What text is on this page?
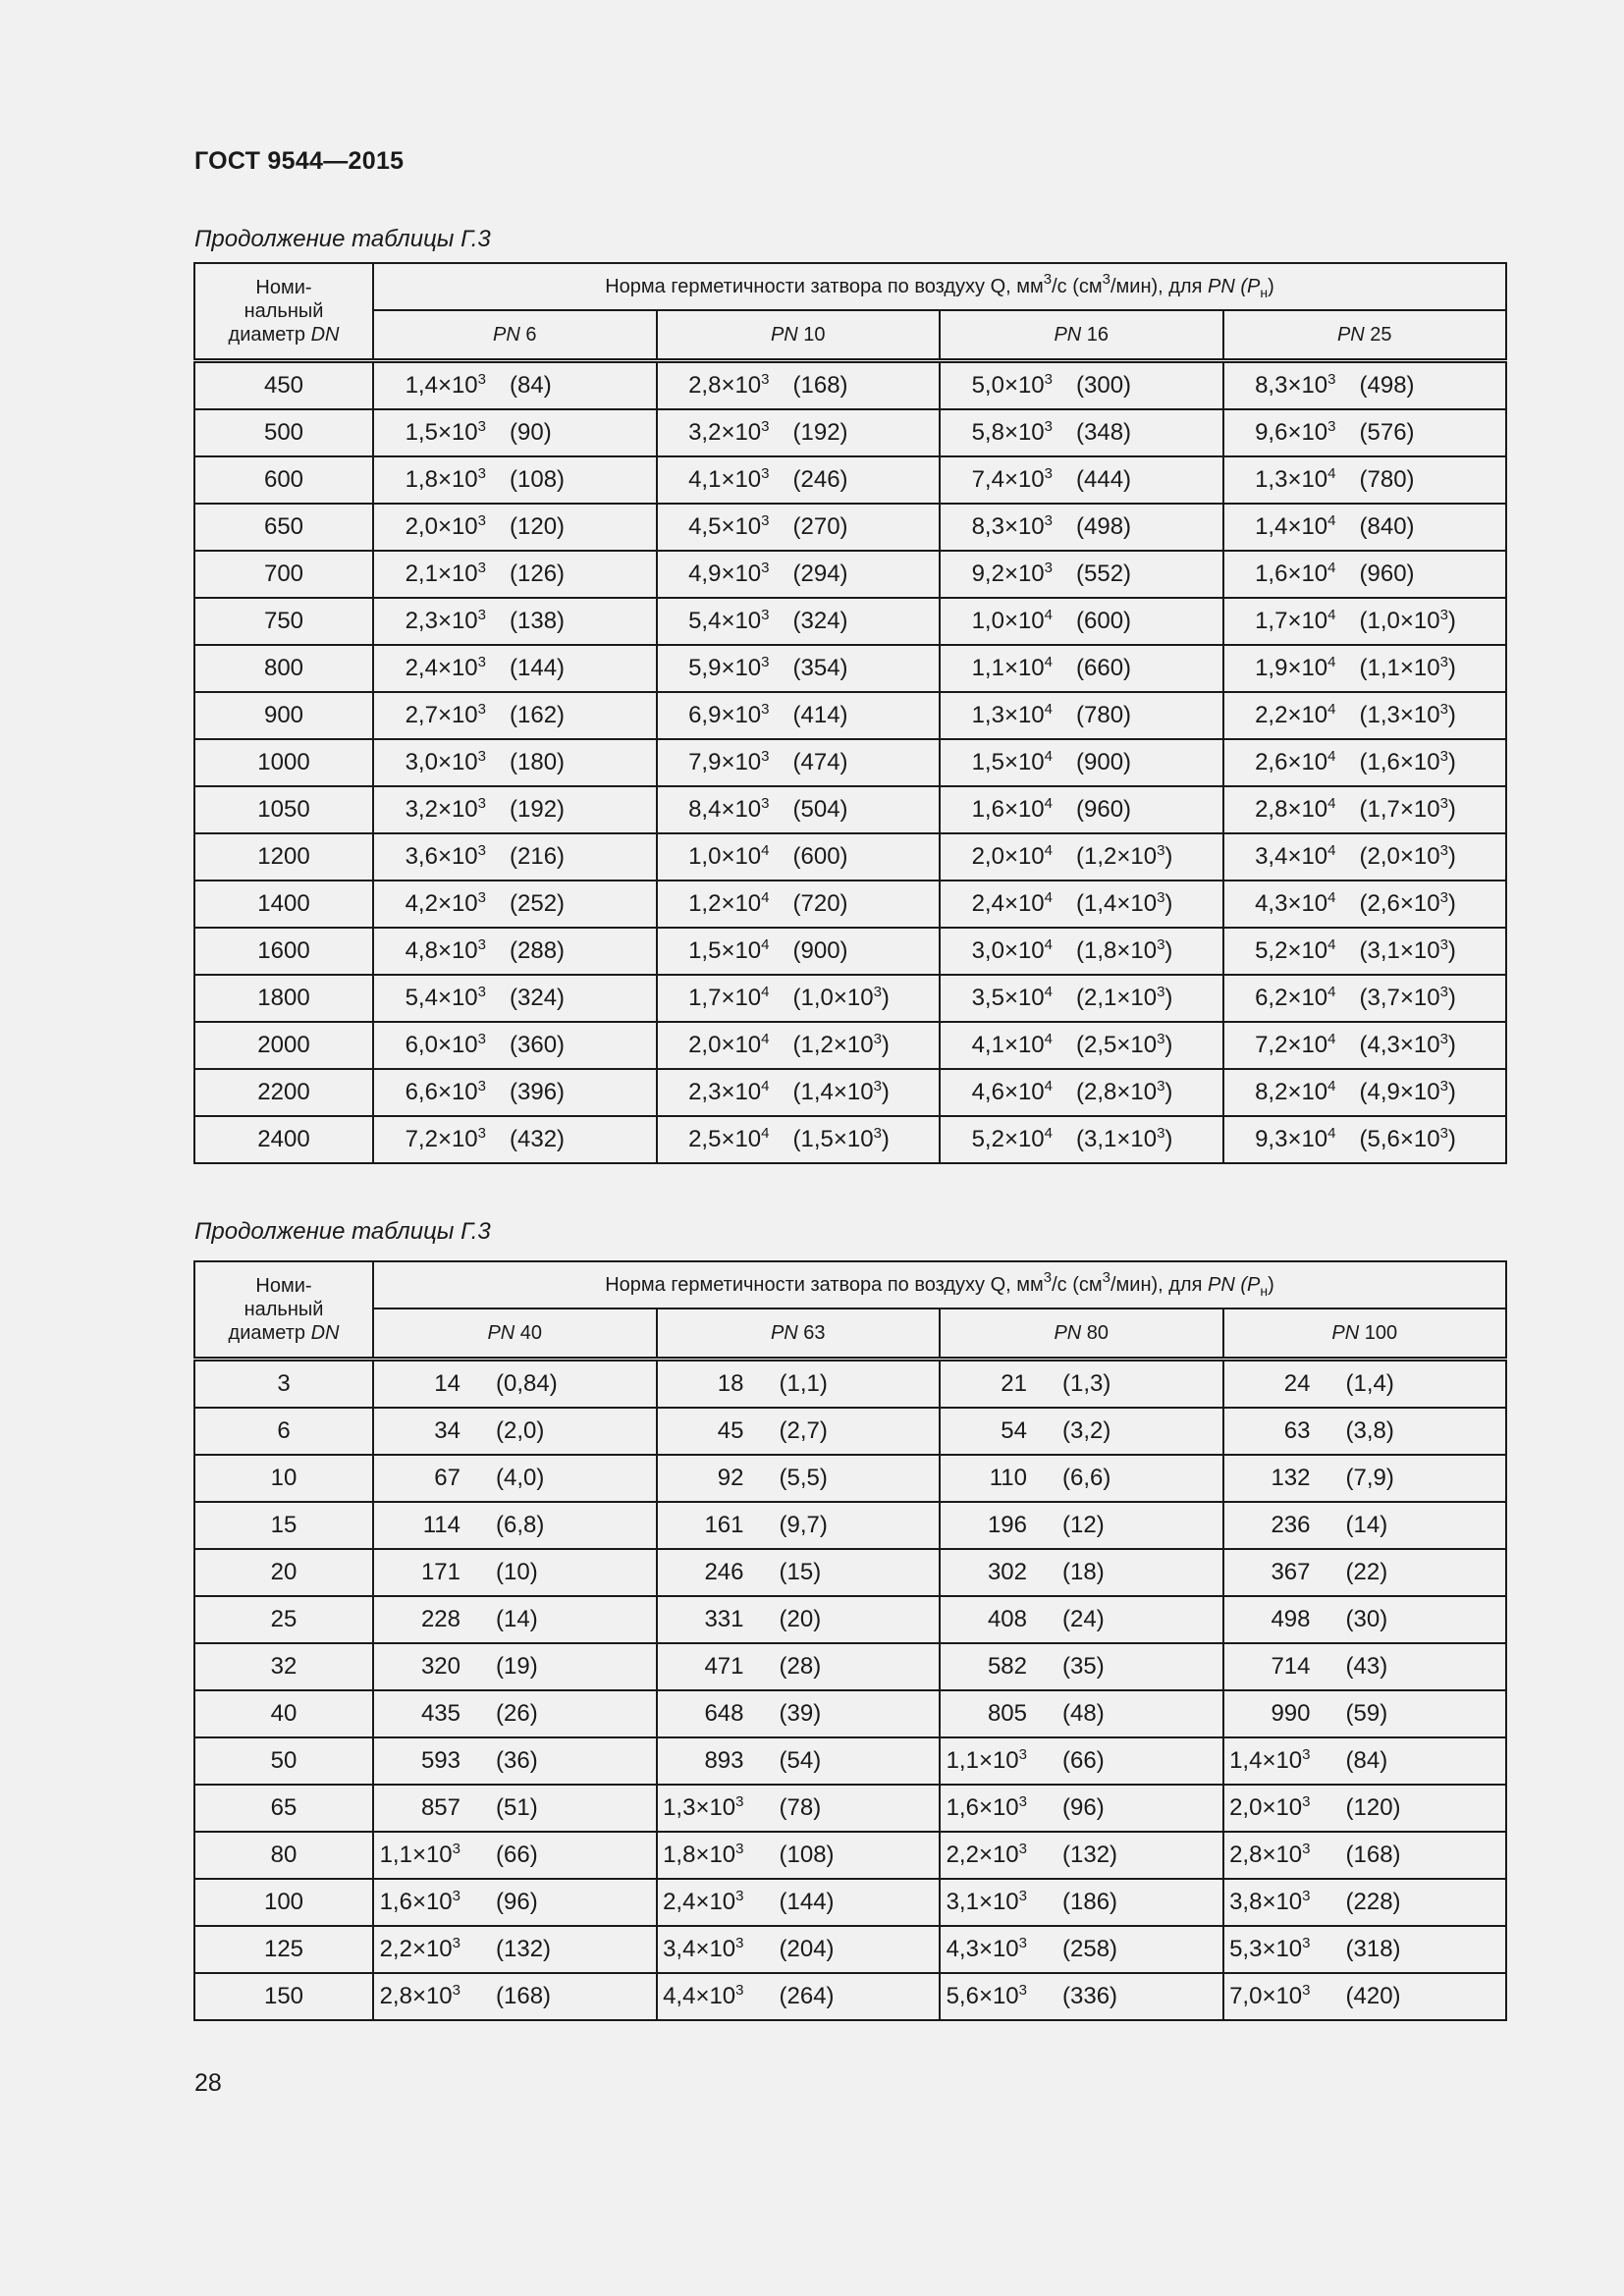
ГОСТ 9544—2015
Продолжение таблицы Г.3
Номи-
нальный
диаметр DN	Норма герметичности затвора по воздуху Q, $мм^3/с$ $(см^3/мин)$, для PN $(P_н)$			
	PN 6	PN 10	PN 16	PN 25
450	$1,4\times 10^3$ (84)	$2,8\times 10^3$ (168)	$5,0\times 10^3$ (300)	$8,3\times 10^3$ (498)

500	$1,5\times 10^3$ (90)	$3,2\times 10^3$ (192)	$5,8\times 10^3$ (348)	$9,6\times 10^3$ (576)

600	$1,8\times 10^3$ (108)	$4,1\times 10^3$ (246)	$7,4\times 10^3$ (444)	$1,3\times 10^4$ (780)

650	$2,0\times 10^3$ (120)	$4,5\times 10^3$ (270)	$8,3\times 10^3$ (498)	$1,4\times 10^4$ (840)

700	$2,1\times 10^3$ (126)	$4,9\times 10^3$ (294)	$9,2\times 10^3$ (552)	$1,6\times 10^4$ (960)

750	$2,3\times 10^3$ (138)	$5,4\times 10^3$ (324)	$1,0\times 10^4$ (600)	$1,7\times 10^4$ $(1,0\times 10^3)$

800	$2,4\times 10^3$ (144)	$5,9\times 10^3$ (354)	$1,1\times 10^4$ (660)	$1,9\times 10^4$ $(1,1\times 10^3)$

900	$2,7\times 10^3$ (162)	$6,9\times 10^3$ (414)	$1,3\times 10^4$ (780)	$2,2\times 10^4$ $(1,3\times 10^3)$

1000	$3,0\times 10^3$ (180)	$7,9\times 10^3$ (474)	$1,5\times 10^4$ (900)	$2,6\times 10^4$ $(1,6\times 10^3)$

1050	$3,2\times 10^3$ (192)	$8,4\times 10^3$ (504)	$1,6\times 10^4$ (960)	$2,8\times 10^4$ $(1,7\times 10^3)$

1200	$3,6\times 10^3$ (216)	$1,0\times 10^4$ (600)	$2,0\times 10^4$ $(1,2\times 10^3)$	$3,4\times 10^4$ $(2,0\times 10^3)$

1400	$4,2\times 10^3$ (252)	$1,2\times 10^4$ (720)	$2,4\times 10^4$ $(1,4\times 10^3)$	$4,3\times 10^4$ $(2,6\times 10^3)$

1600	$4,8\times 10^3$ (288)	$1,5\times 10^4$ (900)	$3,0\times 10^4$ $(1,8\times 10^3)$	$5,2\times 10^4$ $(3,1\times 10^3)$

1800	$5,4\times 10^3$ (324)	$1,7\times 10^4$ $(1,0\times 10^3)$	$3,5\times 10^4$ $(2,1\times 10^3)$	$6,2\times 10^4$ $(3,7\times 10^3)$

2000	$6,0\times 10^3$ (360)	$2,0\times 10^4$ $(1,2\times 10^3)$	$4,1\times 10^4$ $(2,5\times 10^3)$	$7,2\times 10^4$ $(4,3\times 10^3)$

2200	$6,6\times 10^3$ (396)	$2,3\times 10^4$ $(1,4\times 10^3)$	$4,6\times 10^4$ $(2,8\times 10^3)$	$8,2\times 10^4$ $(4,9\times 10^3)$

2400	$7,2\times 10^3$ (432)	$2,5\times 10^4$ $(1,5\times 10^3)$	$5,2\times 10^4$ $(3,1\times 10^3)$	$9,3\times 10^4$ $(5,6\times 10^3)$
Продолжение таблицы Г.3
Номи-
нальный
диаметр DN	Норма герметичности затвора по воздуху Q, $мм^3/с$ $(см^3/мин)$, для PN $(P_н)$			
	PN 40	PN 63	PN 80	PN 100
3	14 (0,84)	18 (1,1)	21 (1,3)	24 (1,4)

6	34 (2,0)	45 (2,7)	54 (3,2)	63 (3,8)

10	67 (4,0)	92 (5,5)	110 (6,6)	132 (7,9)

15	114 (6,8)	161 (9,7)	196 (12)	236 (14)

20	171 (10)	246 (15)	302 (18)	367 (22)

25	228 (14)	331 (20)	408 (24)	498 (30)

32	320 (19)	471 (28)	582 (35)	714 (43)

40	435 (26)	648 (39)	805 (48)	990 (59)

50	593 (36)	893 (54)	$1,1\times 10^3$ (66)	$1,4\times 10^3$ (84)

65	857 (51)	$1,3\times 10^3$ (78)	$1,6\times 10^3$ (96)	$2,0\times 10^3$ (120)

80	$1,1\times 10^3$ (66)	$1,8\times 10^3$ (108)	$2,2\times 10^3$ (132)	$2,8\times 10^3$ (168)

100	$1,6\times 10^3$ (96)	$2,4\times 10^3$ (144)	$3,1\times 10^3$ (186)	$3,8\times 10^3$ (228)

125	$2,2\times 10^3$ (132)	$3,4\times 10^3$ (204)	$4,3\times 10^3$ (258)	$5,3\times 10^3$ (318)

150	$2,8\times 10^3$ (168)	$4,4\times 10^3$ (264)	$5,6\times 10^3$ (336)	$7,0\times 10^3$ (420)
28
